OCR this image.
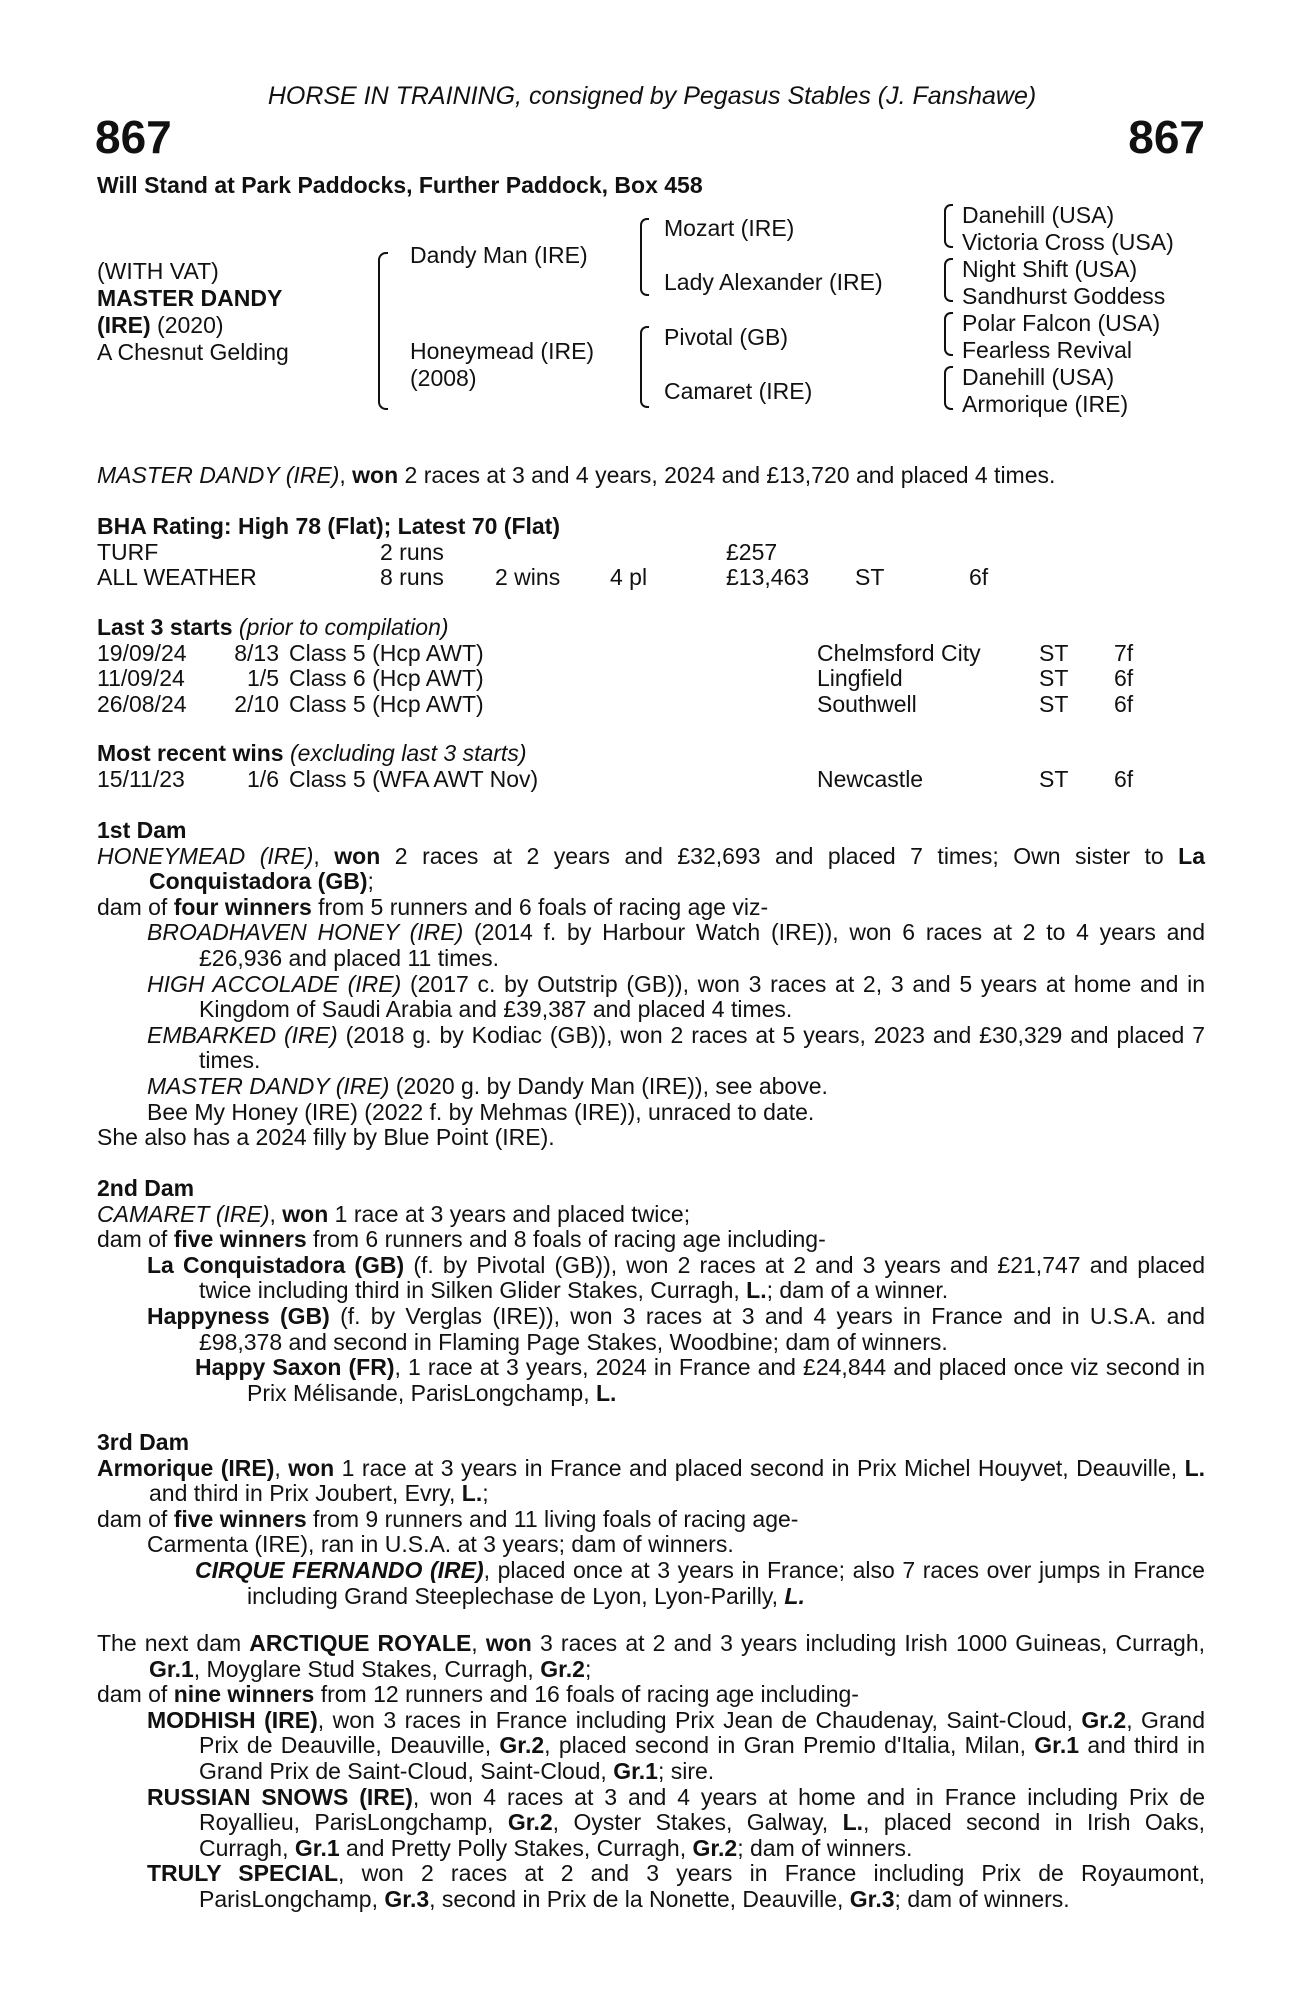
HORSE IN TRAINING, consigned by Pegasus Stables (J. Fanshawe)
867	867
Will Stand at Park Paddocks, Further Paddock, Box 458
(WITH VAT)
MASTER DANDY
(IRE) (2020)
A Chesnut Gelding
Dandy Man (IRE)
Honeymead (IRE)
(2008)
Mozart (IRE)
Lady Alexander (IRE)
Pivotal (GB)
Camaret (IRE)
Danehill (USA)
Victoria Cross (USA)
Night Shift (USA)
Sandhurst Goddess
Polar Falcon (USA)
Fearless Revival
Danehill (USA)
Armorique (IRE)

MASTER DANDY (IRE), won 2 races at 3 and 4 years, 2024 and £13,720 and placed 4 times.

BHA Rating: High 78 (Flat); Latest 70 (Flat)
TURF	2 runs	£257
ALL WEATHER	8 runs 2 wins 4 pl	£13,463 ST	6f
Last 3 starts (prior to compilation)
19/09/24	8/13 Class 5 (Hcp AWT)	Chelmsford City	ST 7f
11/09/24	1/5 Class 6 (Hcp AWT)	Lingfield	ST 6f
26/08/24	2/10 Class 5 (Hcp AWT)	Southwell	ST 6f
Most recent wins (excluding last 3 starts)
15/11/23	1/6 Class 5 (WFA AWT Nov)	Newcastle	ST 6f
1st Dam

HONEYMEAD (IRE), won 2 races at 2 years and £32,693 and placed 7 times; Own sister to La Conquistadora (GB);

dam of four winners from 5 runners and 6 foals of racing age viz-

BROADHAVEN HONEY (IRE) (2014 f. by Harbour Watch (IRE)), won 6 races at 2 to 4 years and £26,936 and placed 11 times.

HIGH ACCOLADE (IRE) (2017 c. by Outstrip (GB)), won 3 races at 2, 3 and 5 years at home and in Kingdom of Saudi Arabia and £39,387 and placed 4 times.

EMBARKED (IRE) (2018 g. by Kodiac (GB)), won 2 races at 5 years, 2023 and £30,329 and placed 7 times.

MASTER DANDY (IRE) (2020 g. by Dandy Man (IRE)), see above.

Bee My Honey (IRE) (2022 f. by Mehmas (IRE)), unraced to date.

She also has a 2024 filly by Blue Point (IRE).

2nd Dam

CAMARET (IRE), won 1 race at 3 years and placed twice;

dam of five winners from 6 runners and 8 foals of racing age including-

La Conquistadora (GB) (f. by Pivotal (GB)), won 2 races at 2 and 3 years and £21,747 and placed twice including third in Silken Glider Stakes, Curragh, L.; dam of a winner.

Happyness (GB) (f. by Verglas (IRE)), won 3 races at 3 and 4 years in France and in U.S.A. and £98,378 and second in Flaming Page Stakes, Woodbine; dam of winners.

Happy Saxon (FR), 1 race at 3 years, 2024 in France and £24,844 and placed once viz second in Prix Mélisande, ParisLongchamp, L.

3rd Dam

Armorique (IRE), won 1 race at 3 years in France and placed second in Prix Michel Houyvet, Deauville, L. and third in Prix Joubert, Evry, L.;

dam of five winners from 9 runners and 11 living foals of racing age-

Carmenta (IRE), ran in U.S.A. at 3 years; dam of winners.

CIRQUE FERNANDO (IRE), placed once at 3 years in France; also 7 races over jumps in France including Grand Steeplechase de Lyon, Lyon-Parilly, L.

The next dam ARCTIQUE ROYALE, won 3 races at 2 and 3 years including Irish 1000 Guineas, Curragh, Gr.1, Moyglare Stud Stakes, Curragh, Gr.2;

dam of nine winners from 12 runners and 16 foals of racing age including-

MODHISH (IRE), won 3 races in France including Prix Jean de Chaudenay, Saint-Cloud, Gr.2, Grand Prix de Deauville, Deauville, Gr.2, placed second in Gran Premio d'Italia, Milan, Gr.1 and third in Grand Prix de Saint-Cloud, Saint-Cloud, Gr.1; sire.

RUSSIAN SNOWS (IRE), won 4 races at 3 and 4 years at home and in France including Prix de Royallieu, ParisLongchamp, Gr.2, Oyster Stakes, Galway, L., placed second in Irish Oaks, Curragh, Gr.1 and Pretty Polly Stakes, Curragh, Gr.2; dam of winners.

TRULY SPECIAL, won 2 races at 2 and 3 years in France including Prix de Royaumont, ParisLongchamp, Gr.3, second in Prix de la Nonette, Deauville, Gr.3; dam of winners.
